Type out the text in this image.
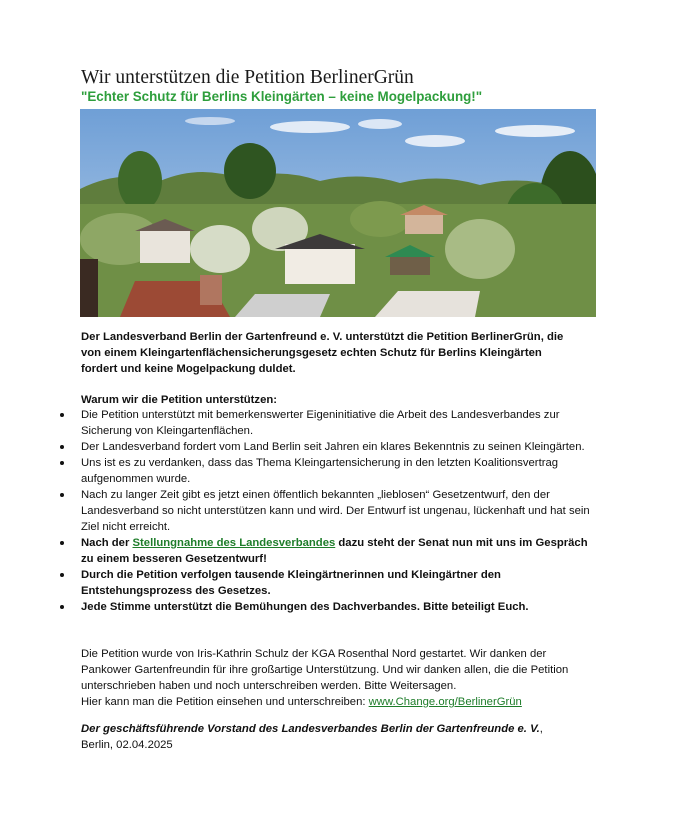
Wir unterstützen die Petition BerlinerGrün
"Echter Schutz für Berlins Kleingärten – keine Mogelpackung!"

Der Landesverband Berlin der Gartenfreund e. V. unterstützt die Petition BerlinerGrün, die von einem Kleingartenflächensicherungsgesetz echten Schutz für Berlins Kleingärten fordert und keine Mogelpackung duldet.

Warum wir die Petition unterstützen:

Die Petition unterstützt mit bemerkenswerter Eigeninitiative die Arbeit des Landesverbandes zur Sicherung von Kleingartenflächen.
Der Landesverband fordert vom Land Berlin seit Jahren ein klares Bekenntnis zu seinen Kleingärten.
Uns ist es zu verdanken, dass das Thema Kleingartensicherung in den letzten Koalitionsvertrag aufgenommen wurde.
Nach zu langer Zeit gibt es jetzt einen öffentlich bekannten „lieblosen“ Gesetzentwurf, den der Landesverband so nicht unterstützen kann und wird. Der Entwurf ist ungenau, lückenhaft und hat sein Ziel nicht erreicht.
Nach der Stellungnahme des Landesverbandes dazu steht der Senat nun mit uns im Gespräch zu einem besseren Gesetzentwurf!
Durch die Petition verfolgen tausende Kleingärtnerinnen und Kleingärtner den Entstehungsprozess des Gesetzes.
Jede Stimme unterstützt die Bemühungen des Dachverbandes. Bitte beteiligt Euch.
Die Petition wurde von Iris-Kathrin Schulz der KGA Rosenthal Nord gestartet. Wir danken der Pankower Gartenfreundin für ihre großartige Unterstützung. Und wir danken allen, die die Petition unterschrieben haben und noch unterschreiben werden. Bitte Weitersagen.
Hier kann man die Petition einsehen und unterschreiben: www.Change.org/BerlinerGrün
Der geschäftsführende Vorstand des Landesverbandes Berlin der Gartenfreunde e. V.,
Berlin, 02.04.2025
